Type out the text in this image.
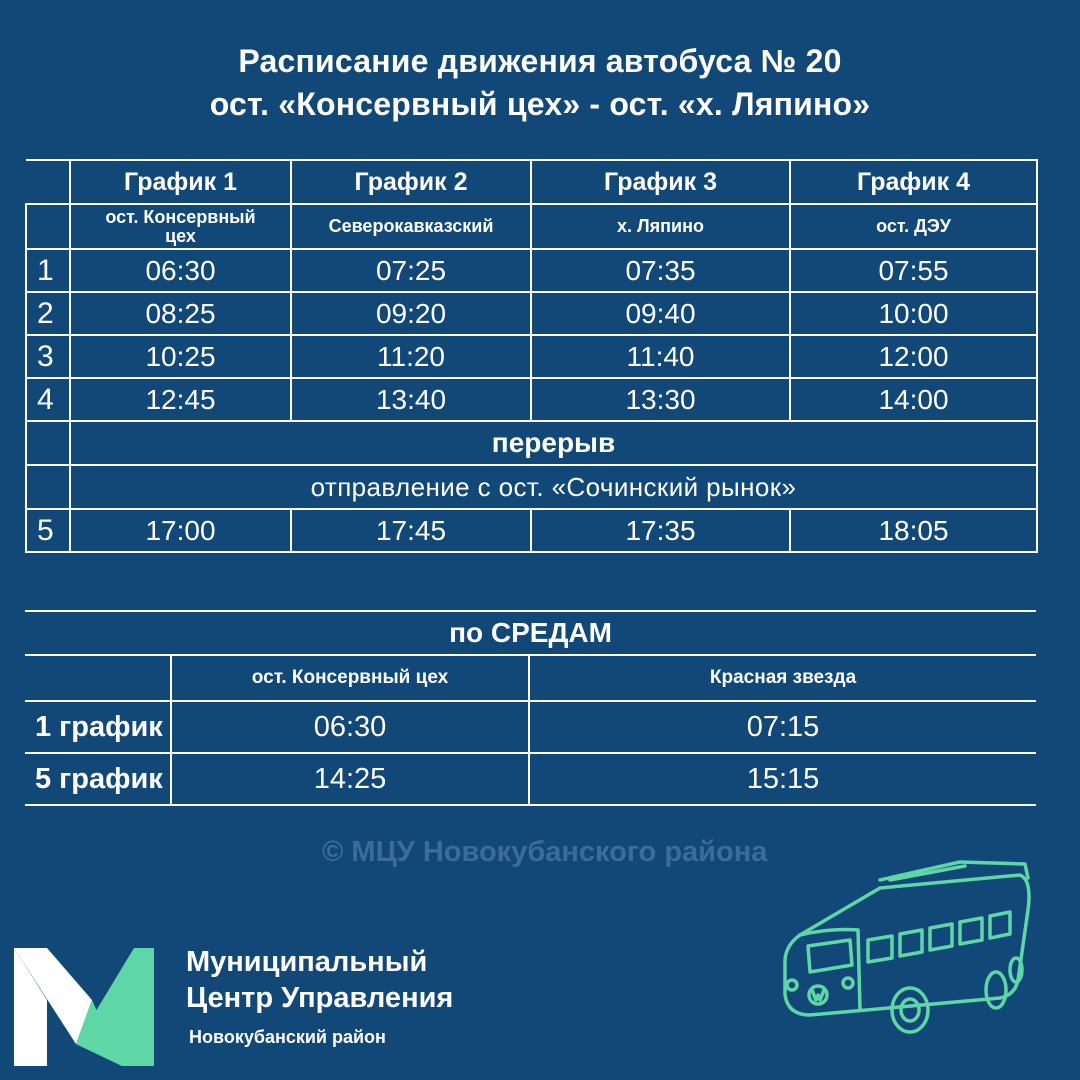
Расписание движения автобуса № 20
ост. «Консервный цех» - ост. «х. Ляпино»
	График 1	График 2	График 3	График 4

	ост. Консервный цех	Северокавказский	х. Ляпино	ост. ДЭУ
1	06:30	07:25	07:35	07:55
2	08:25	09:20	09:40	10:00
3	10:25	11:20	11:40	12:00
4	12:45	13:40	13:30	14:00
	перерыв			
	отправление с ост. «Сочинский рынок»			
5	17:00	17:45	17:35	18:05
по СРЕДАМ		
	ост. Консервный цех	Красная звезда
1 график	06:30	07:15
5 график	14:25	15:15
© МЦУ Новокубанского района
Муниципальный
Центр Управления
Новокубанский район
